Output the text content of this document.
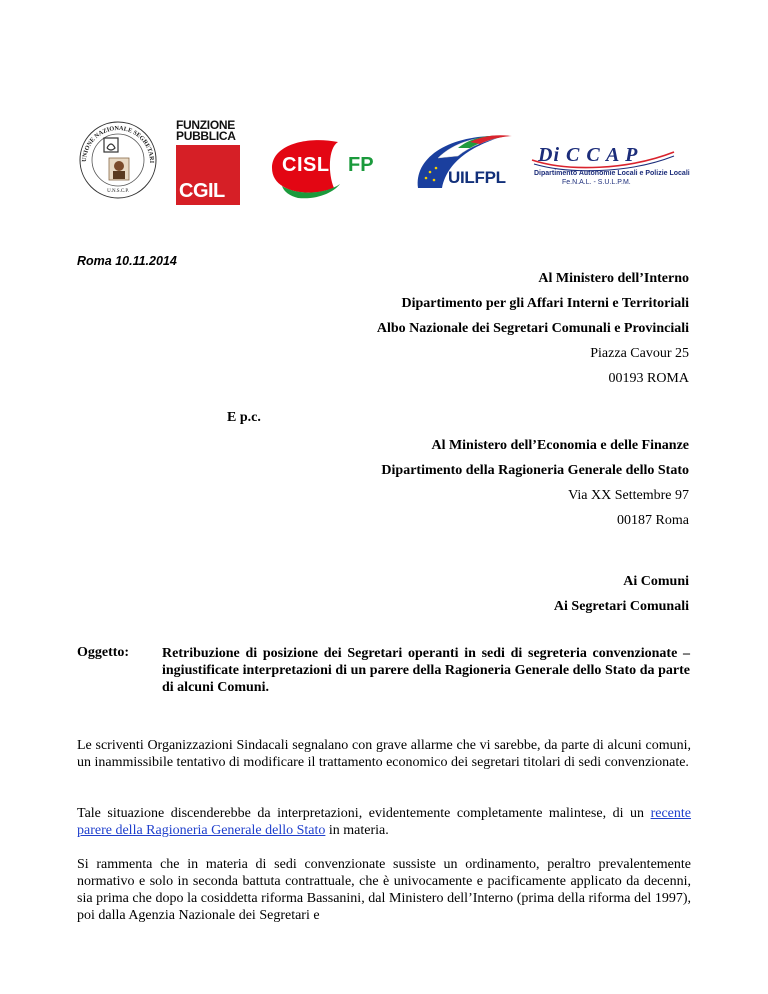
UNIONE NAZIONALE SEGRETARI
U.N.S.C.P.
FUNZIONE
PUBBLICA
CGIL
CISL FP
UILFPL
Di C C A P
Dipartimento Autonomie Locali e Polizie Locali
Fe.N.A.L. - S.U.L.P.M.
Roma 10.11.2014
Al Ministero dell’Interno
Dipartimento per gli Affari Interni e Territoriali
Albo Nazionale dei Segretari Comunali e Provinciali
Piazza Cavour 25
00193 ROMA
E p.c.
Al Ministero dell’Economia e delle Finanze
Dipartimento della Ragioneria Generale dello Stato
Via XX Settembre 97
00187 Roma
Ai Comuni
Ai Segretari Comunali
Oggetto: Retribuzione di posizione dei Segretari operanti in sedi di segreteria convenzionate – ingiustificate interpretazioni di un parere della Ragioneria Generale dello Stato da parte di alcuni Comuni.
Le scriventi Organizzazioni Sindacali segnalano con grave allarme che vi sarebbe, da parte di alcuni comuni, un inammissibile tentativo di modificare il trattamento economico dei segretari titolari di sedi convenzionate.
Tale situazione discenderebbe da interpretazioni, evidentemente completamente malintese, di un recente parere della Ragioneria Generale dello Stato in materia.
Si rammenta che in materia di sedi convenzionate sussiste un ordinamento, peraltro prevalentemente normativo e solo in seconda battuta contrattuale, che è univocamente e pacificamente applicato da decenni, sia prima che dopo la cosiddetta riforma Bassanini, dal Ministero dell’Interno (prima della riforma del 1997), poi dalla Agenzia Nazionale dei Segretari e
